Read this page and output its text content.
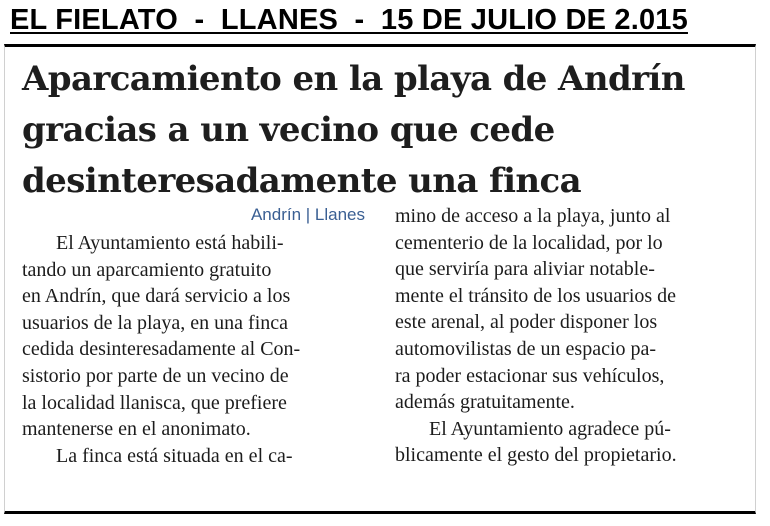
EL FIELATO  -  LLANES  -  15 DE JULIO DE 2.015
Aparcamiento en la playa de Andrín
gracias a un vecino que cede
desinteresadamente una finca
Andrín | Llanes
El Ayuntamiento está habili-
tando un aparcamiento gratuito
en Andrín, que dará servicio a los
usuarios de la playa, en una finca
cedida desinteresadamente al Con-
sistorio por parte de un vecino de
la localidad llanisca, que prefiere
mantenerse en el anonimato.
La finca está situada en el ca-
mino de acceso a la playa, junto al
cementerio de la localidad, por lo
que serviría para aliviar notable-
mente el tránsito de los usuarios de
este arenal, al poder disponer los
automovilistas de un espacio pa-
ra poder estacionar sus vehículos,
además gratuitamente.
El Ayuntamiento agradece pú-
blicamente el gesto del propietario.
